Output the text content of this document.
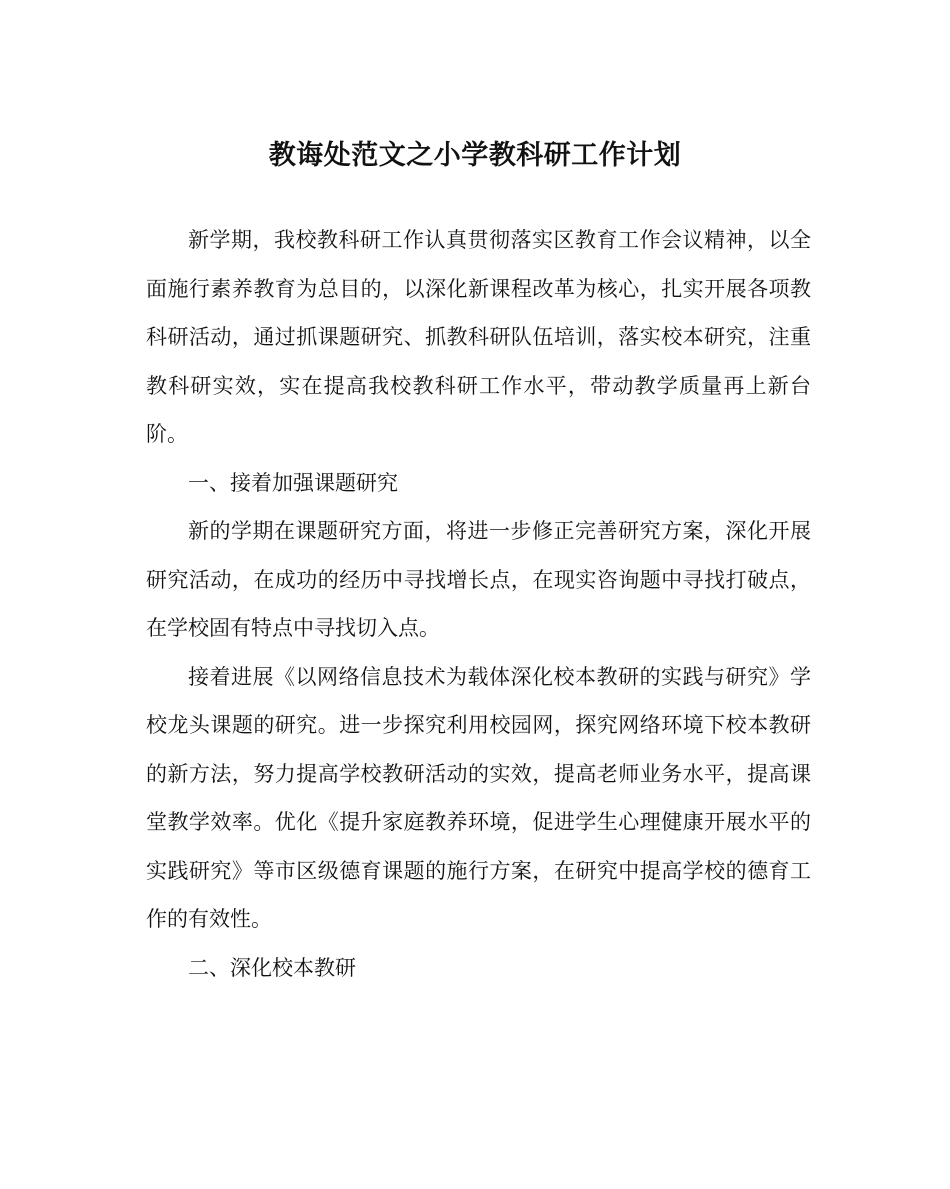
教诲处范文之小学教科研工作计划

新学期，我校教科研工作认真贯彻落实区教育工作会议精神，以全面施行素养教育为总目的，以深化新课程改革为核心，扎实开展各项教科研活动，通过抓课题研究、抓教科研队伍培训，落实校本研究，注重教科研实效，实在提高我校教科研工作水平，带动教学质量再上新台阶。

一、接着加强课题研究

新的学期在课题研究方面，将进一步修正完善研究方案，深化开展研究活动，在成功的经历中寻找增长点，在现实咨询题中寻找打破点，在学校固有特点中寻找切入点。

接着进展《以网络信息技术为载体深化校本教研的实践与研究》学校龙头课题的研究。进一步探究利用校园网，探究网络环境下校本教研的新方法，努力提高学校教研活动的实效，提高老师业务水平，提高课堂教学效率。优化《提升家庭教养环境，促进学生心理健康开展水平的实践研究》等市区级德育课题的施行方案，在研究中提高学校的德育工作的有效性。

二、深化校本教研
